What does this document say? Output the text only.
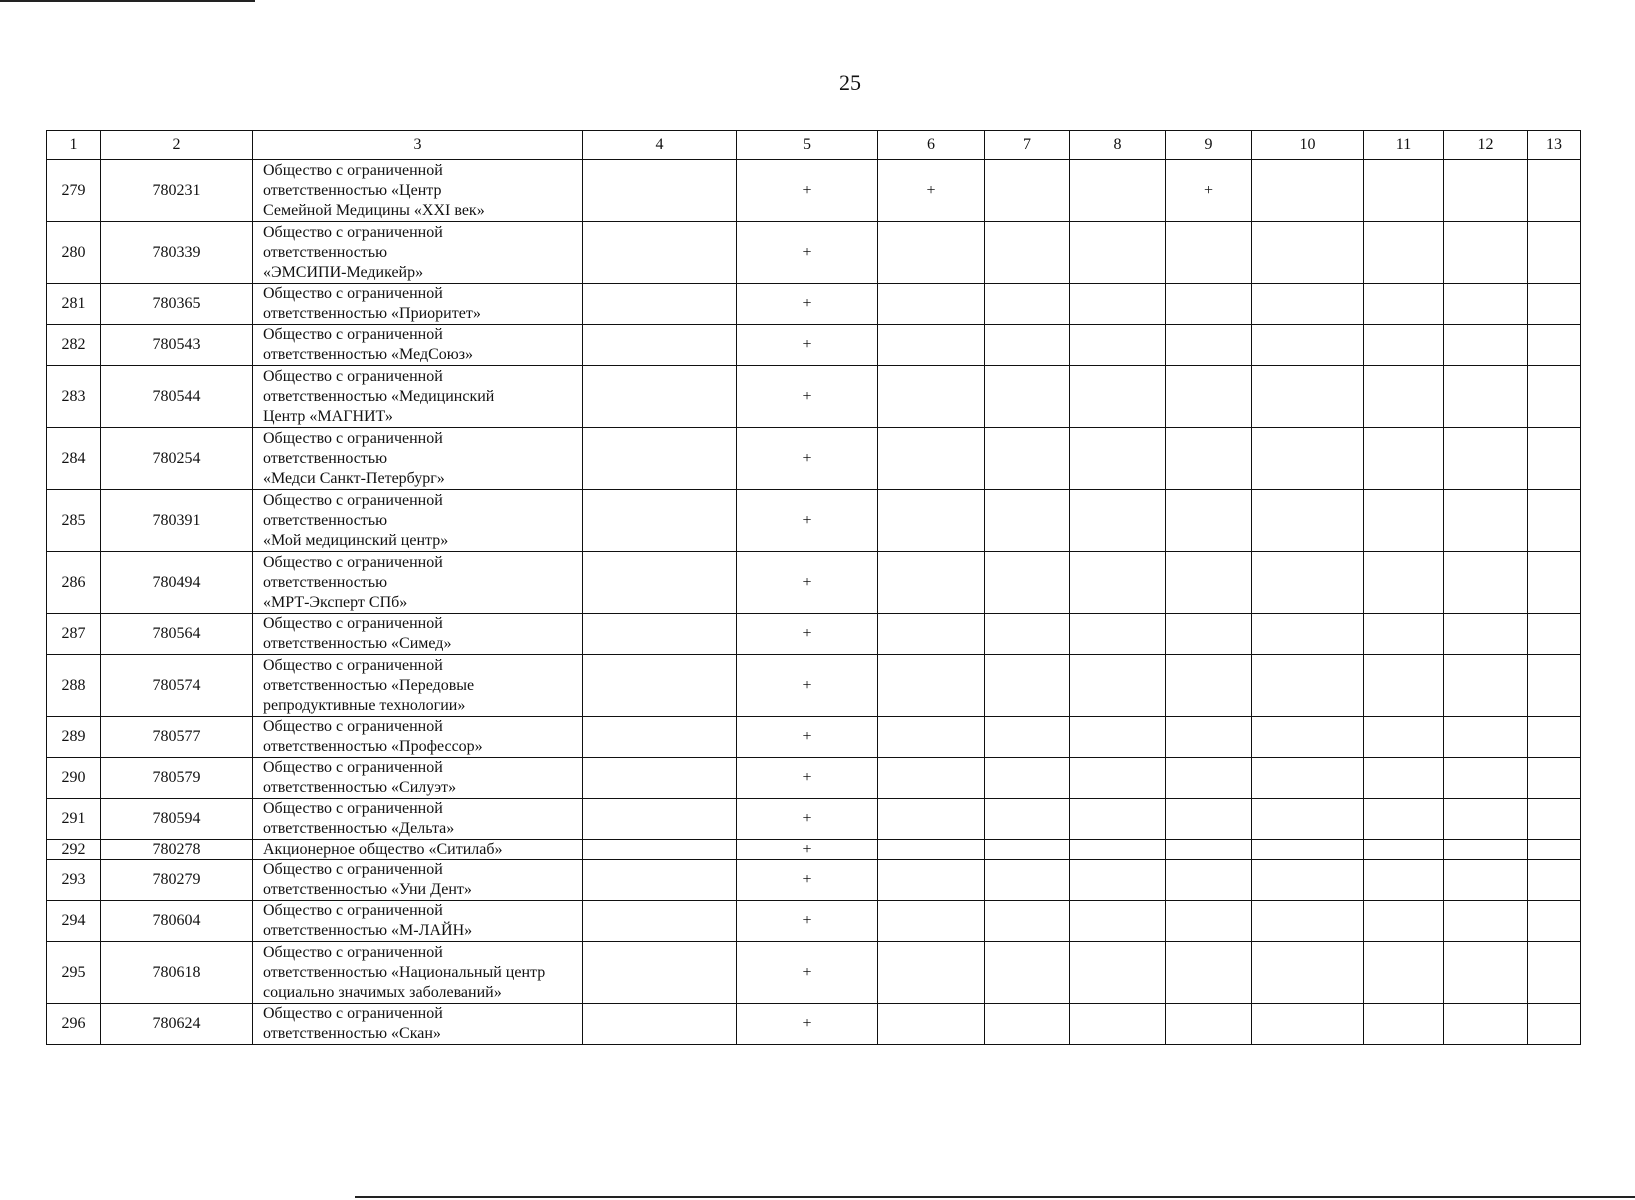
25
1	2	3	4	5	6	7	8	9	10	11	12	13
279	780231	Общество с ограниченной
ответственностью «Центр
Семейной Медицины «XXI век»		+	+			+				
280	780339	Общество с ограниченной
ответственностью
«ЭМСИПИ-Медикейр»		+								
281	780365	Общество с ограниченной
ответственностью «Приоритет»		+								
282	780543	Общество с ограниченной
ответственностью «МедСоюз»		+								
283	780544	Общество с ограниченной
ответственностью «Медицинский
Центр «МАГНИТ»		+								
284	780254	Общество с ограниченной
ответственностью
«Медси Санкт-Петербург»		+								
285	780391	Общество с ограниченной
ответственностью
«Мой медицинский центр»		+								
286	780494	Общество с ограниченной
ответственностью
«МРТ-Эксперт СПб»		+								
287	780564	Общество с ограниченной
ответственностью «Симед»		+								
288	780574	Общество с ограниченной
ответственностью «Передовые
репродуктивные технологии»		+								
289	780577	Общество с ограниченной
ответственностью «Профессор»		+								
290	780579	Общество с ограниченной
ответственностью «Силуэт»		+								
291	780594	Общество с ограниченной
ответственностью «Дельта»		+								
292	780278	Акционерное общество «Ситилаб»		+								
293	780279	Общество с ограниченной
ответственностью «Уни Дент»		+								
294	780604	Общество с ограниченной
ответственностью «М-ЛАЙН»		+								
295	780618	Общество с ограниченной
ответственностью «Национальный центр
социально значимых заболеваний»		+								
296	780624	Общество с ограниченной
ответственностью «Скан»		+								
